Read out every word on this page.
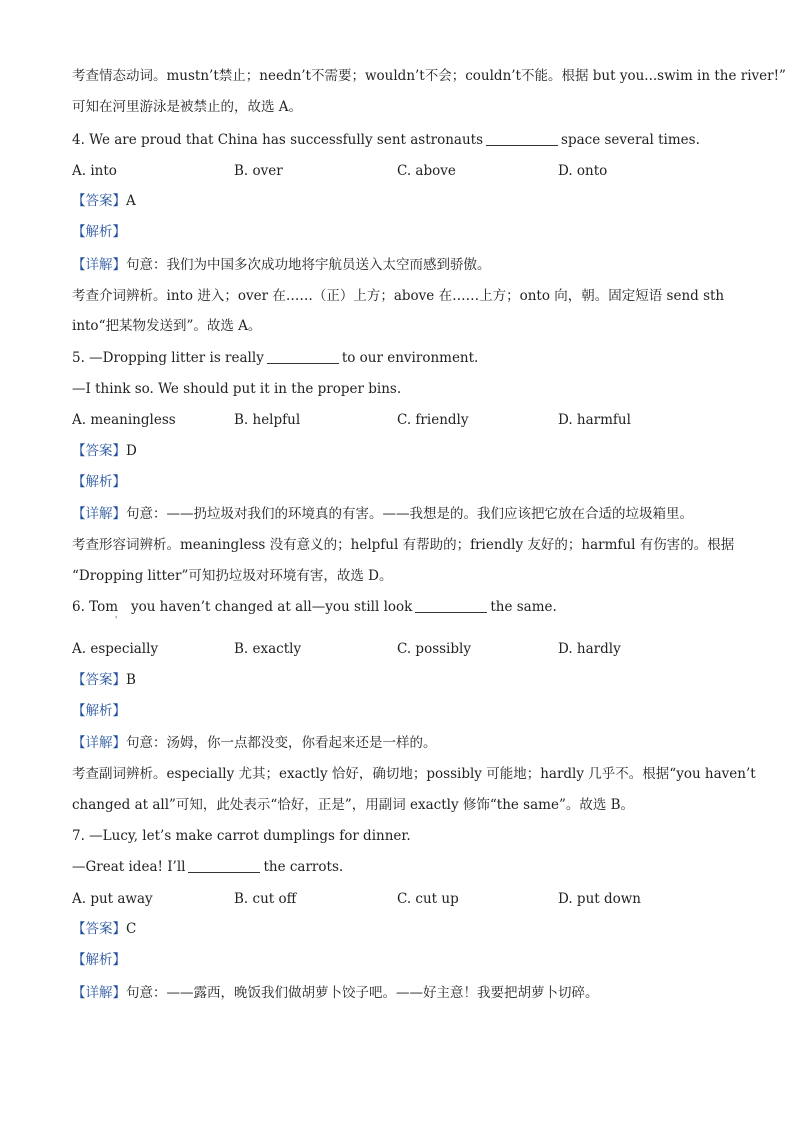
考查情态动词。mustn’t禁止；needn’t不需要；wouldn’t不会；couldn’t不能。根据 but you...swim in the river!”
可知在河里游泳是被禁止的，故选 A。
4. We are proud that China has successfully sent astronauts	space several times.
A. into	B. over	C. above	D. onto
【答案】A
【解析】
【详解】句意：我们为中国多次成功地将宇航员送入太空而感到骄傲。
考查介词辨析。into 进入；over 在……（正）上方；above 在……上方；onto 向，朝。固定短语 send sth
into“把某物发送到”。故选 A。
5. —Dropping litter is really	to our environment.
—I think so. We should put it in the proper bins.
A. meaningless	B. helpful	C. friendly	D. harmful
【答案】D
【解析】
【详解】句意：——扔垃圾对我们的环境真的有害。——我想是的。我们应该把它放在合适的垃圾箱里。
考查形容词辨析。meaningless 没有意义的；helpful 有帮助的；friendly 友好的；harmful 有伤害的。根据
“Dropping litter”可知扔垃圾对环境有害，故选 D。
6. Tom you haven’t changed at all—you still look	the same.
'
A. especially	B. exactly	C. possibly	D. hardly
【答案】B
【解析】
【详解】句意：汤姆，你一点都没变，你看起来还是一样的。
考查副词辨析。especially 尤其；exactly 恰好，确切地；possibly 可能地；hardly 几乎不。根据“you haven’t
changed at all”可知，此处表示“恰好，正是”，用副词 exactly 修饰“the same”。故选 B。
7. —Lucy, let’s make carrot dumplings for dinner.
—Great idea! I’ll	the carrots.
A. put away	B. cut off	C. cut up	D. put down
【答案】C
【解析】
【详解】句意：——露西，晚饭我们做胡萝卜饺子吧。——好主意！我要把胡萝卜切碎。
